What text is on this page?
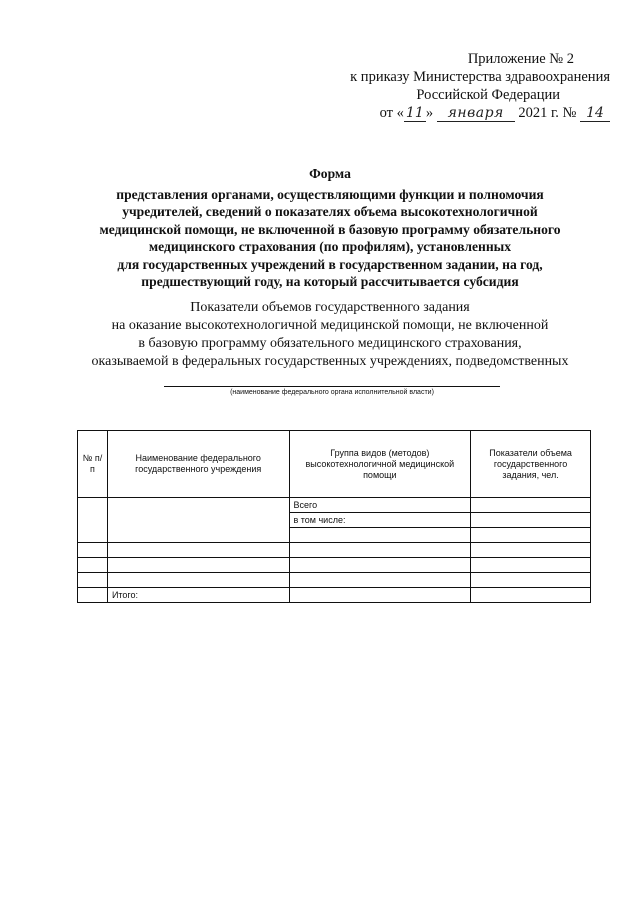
Приложение № 2
к приказу Министерства здравоохранения
Российской Федерации
от « 11 » января 2021 г. № 14
Форма
представления органами, осуществляющими функции и полномочия
учредителей, сведений о показателях объема высокотехнологичной
медицинской помощи, не включенной в базовую программу обязательного
медицинского страхования (по профилям), установленных
для государственных учреждений в государственном задании, на год,
предшествующий году, на который рассчитывается субсидия
Показатели объемов государственного задания
на оказание высокотехнологичной медицинской помощи, не включенной
в базовую программу обязательного медицинского страхования,
оказываемой в федеральных государственных учреждениях, подведомственных
(наименование федерального органа исполнительной власти)
№ п/п	Наименование федерального государственного учреждения	Группа видов (методов) высокотехнологичной медицинской помощи	Показатели объема государственного задания, чел.
		Всего	
		в том числе:	

	Итого:		
